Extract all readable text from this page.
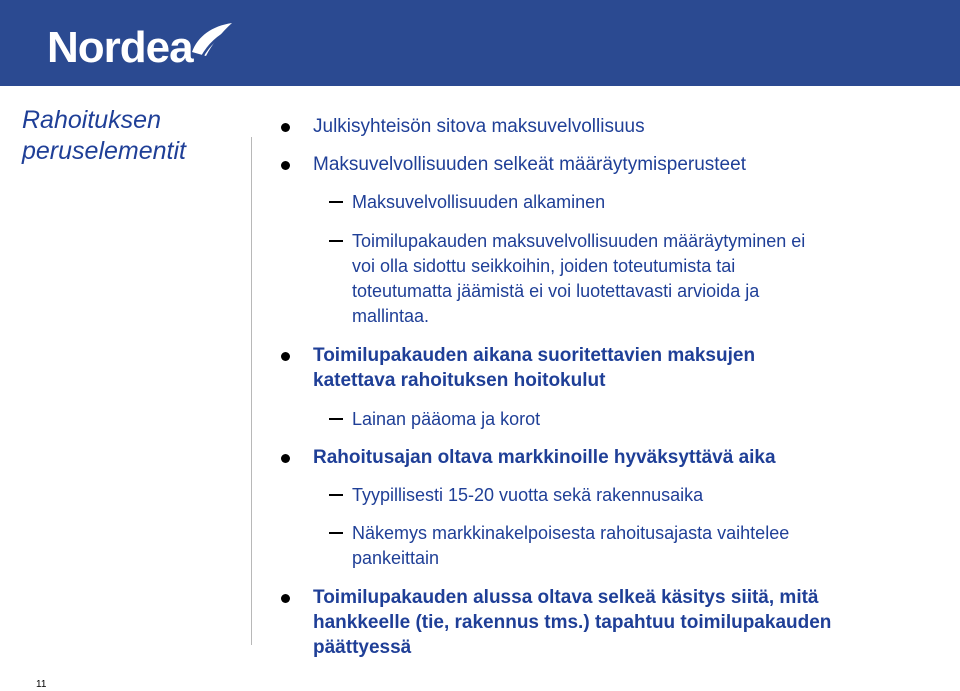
Nordea
Rahoituksen
peruselementit
Julkisyhteisön sitova maksuvelvollisuus
Maksuvelvollisuuden selkeät määräytymisperusteet
Maksuvelvollisuuden alkaminen
Toimilupakauden maksuvelvollisuuden määräytyminen ei
voi olla sidottu seikkoihin, joiden toteutumista tai
toteutumatta jäämistä ei voi luotettavasti arvioida ja
mallintaa.
Toimilupakauden aikana suoritettavien maksujen
katettava rahoituksen hoitokulut
Lainan pääoma ja korot
Rahoitusajan oltava markkinoille hyväksyttävä aika
Tyypillisesti 15-20 vuotta sekä rakennusaika
Näkemys markkinakelpoisesta rahoitusajasta vaihtelee
pankeittain
Toimilupakauden alussa oltava selkeä käsitys siitä, mitä
hankkeelle (tie, rakennus tms.) tapahtuu toimilupakauden
päättyessä
11
